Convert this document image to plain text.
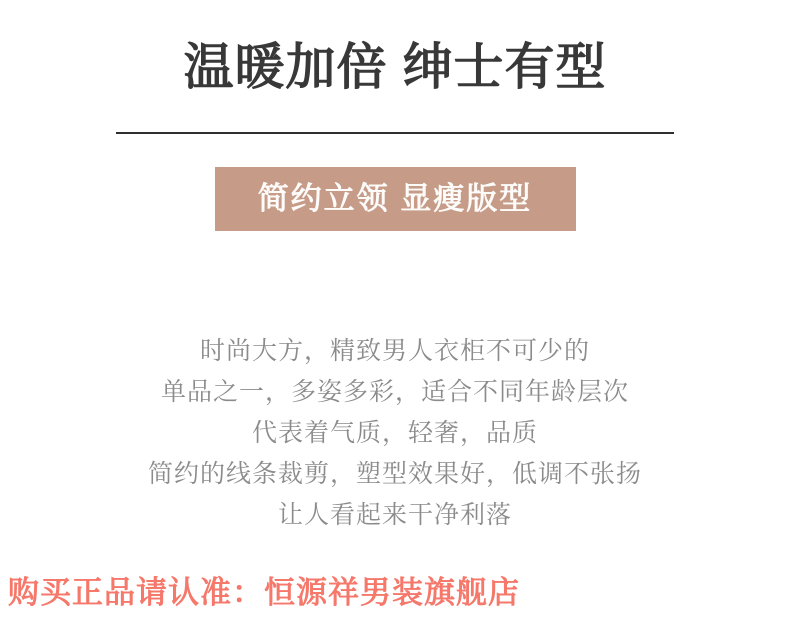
温暖加倍 绅士有型
简约立领 显瘦版型
时尚大方，精致男人衣柜不可少的
单品之一，多姿多彩，适合不同年龄层次
代表着气质，轻奢，品质
简约的线条裁剪，塑型效果好，低调不张扬
让人看起来干净利落
购买正品请认准：恒源祥男装旗舰店
